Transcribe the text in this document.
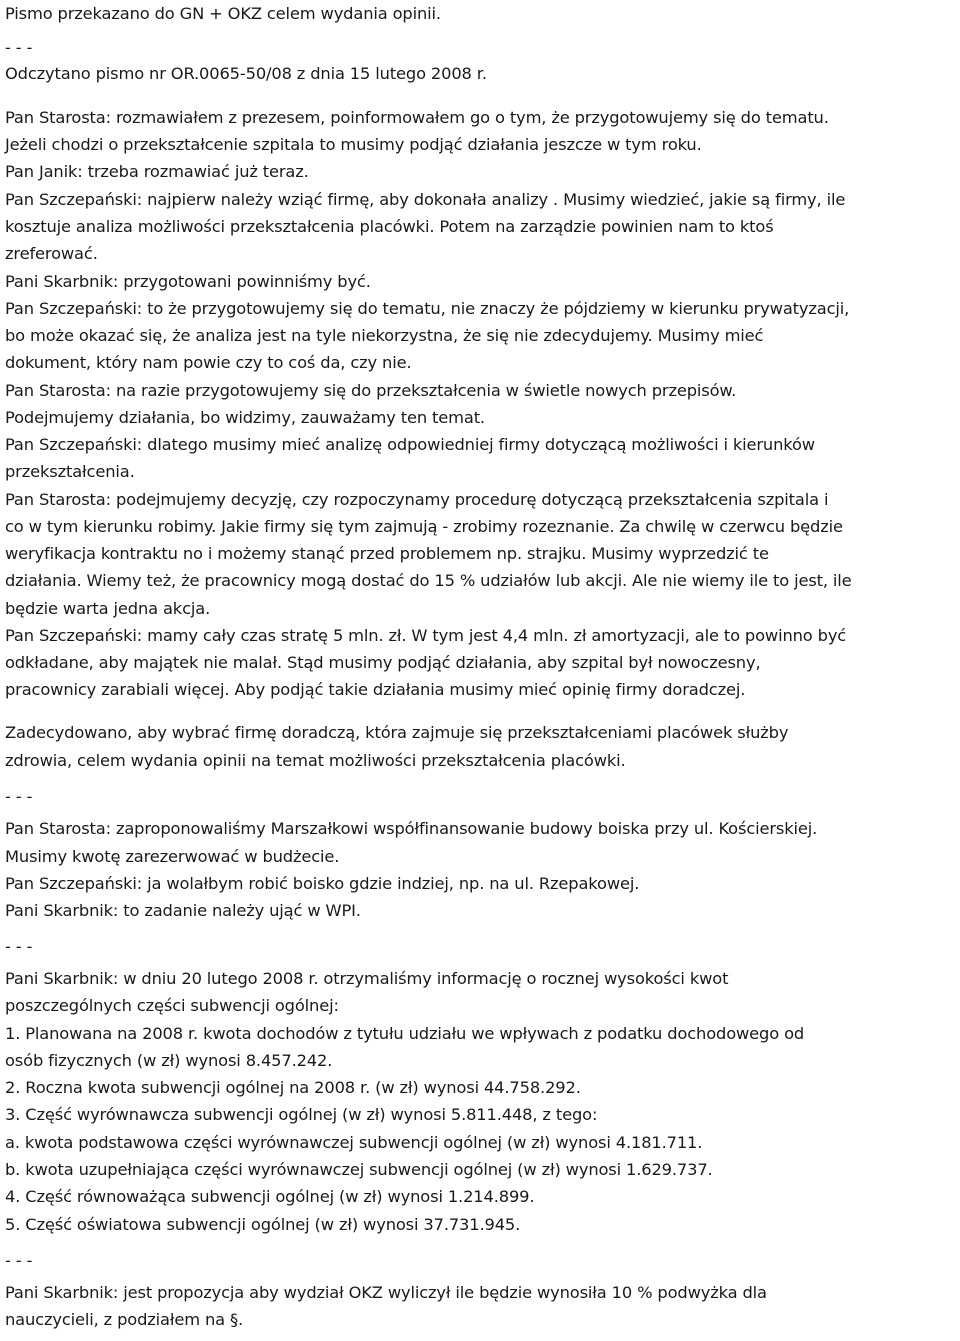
Pismo przekazano do GN + OKZ celem wydania opinii.
- - -
Odczytano pismo nr OR.0065-50/08 z dnia 15 lutego 2008 r.
Pan Starosta: rozmawiałem z prezesem, poinformowałem go o tym, że przygotowujemy się do tematu.
Jeżeli chodzi o przekształcenie szpitala to musimy podjąć działania jeszcze w tym roku.
Pan Janik: trzeba rozmawiać już teraz.
Pan Szczepański: najpierw należy wziąć firmę, aby dokonała analizy . Musimy wiedzieć, jakie są firmy, ile
kosztuje analiza możliwości przekształcenia placówki. Potem na zarządzie powinien nam to ktoś
zreferować.
Pani Skarbnik: przygotowani powinniśmy być.
Pan Szczepański: to że przygotowujemy się do tematu, nie znaczy że pójdziemy w kierunku prywatyzacji,
bo może okazać się, że analiza jest na tyle niekorzystna, że się nie zdecydujemy. Musimy mieć
dokument, który nam powie czy to coś da, czy nie.
Pan Starosta: na razie przygotowujemy się do przekształcenia w świetle nowych przepisów.
Podejmujemy działania, bo widzimy, zauważamy ten temat.
Pan Szczepański: dlatego musimy mieć analizę odpowiedniej firmy dotyczącą możliwości i kierunków
przekształcenia.
Pan Starosta: podejmujemy decyzję, czy rozpoczynamy procedurę dotyczącą przekształcenia szpitala i
co w tym kierunku robimy. Jakie firmy się tym zajmują - zrobimy rozeznanie. Za chwilę w czerwcu będzie
weryfikacja kontraktu no i możemy stanąć przed problemem np. strajku. Musimy wyprzedzić te
działania. Wiemy też, że pracownicy mogą dostać do 15 % udziałów lub akcji. Ale nie wiemy ile to jest, ile
będzie warta jedna akcja.
Pan Szczepański: mamy cały czas stratę 5 mln. zł. W tym jest 4,4 mln. zł amortyzacji, ale to powinno być
odkładane, aby majątek nie malał. Stąd musimy podjąć działania, aby szpital był nowoczesny,
pracownicy zarabiali więcej. Aby podjąć takie działania musimy mieć opinię firmy doradczej.
Zadecydowano, aby wybrać firmę doradczą, która zajmuje się przekształceniami placówek służby
zdrowia, celem wydania opinii na temat możliwości przekształcenia placówki.
- - -
Pan Starosta: zaproponowaliśmy Marszałkowi współfinansowanie budowy boiska przy ul. Kościerskiej.
Musimy kwotę zarezerwować w budżecie.
Pan Szczepański: ja wolałbym robić boisko gdzie indziej, np. na ul. Rzepakowej.
Pani Skarbnik: to zadanie należy ująć w WPI.
- - -
Pani Skarbnik: w dniu 20 lutego 2008 r. otrzymaliśmy informację o rocznej wysokości kwot
poszczególnych części subwencji ogólnej:
1. Planowana na 2008 r. kwota dochodów z tytułu udziału we wpływach z podatku dochodowego od
osób fizycznych (w zł) wynosi 8.457.242.
2. Roczna kwota subwencji ogólnej na 2008 r. (w zł) wynosi 44.758.292.
3. Część wyrównawcza subwencji ogólnej (w zł) wynosi 5.811.448, z tego:
a. kwota podstawowa części wyrównawczej subwencji ogólnej (w zł) wynosi 4.181.711.
b. kwota uzupełniająca części wyrównawczej subwencji ogólnej (w zł) wynosi 1.629.737.
4. Część równoważąca subwencji ogólnej (w zł) wynosi 1.214.899.
5. Część oświatowa subwencji ogólnej (w zł) wynosi 37.731.945.
- - -
Pani Skarbnik: jest propozycja aby wydział OKZ wyliczył ile będzie wynosiła 10 % podwyżka dla
nauczycieli, z podziałem na §.
